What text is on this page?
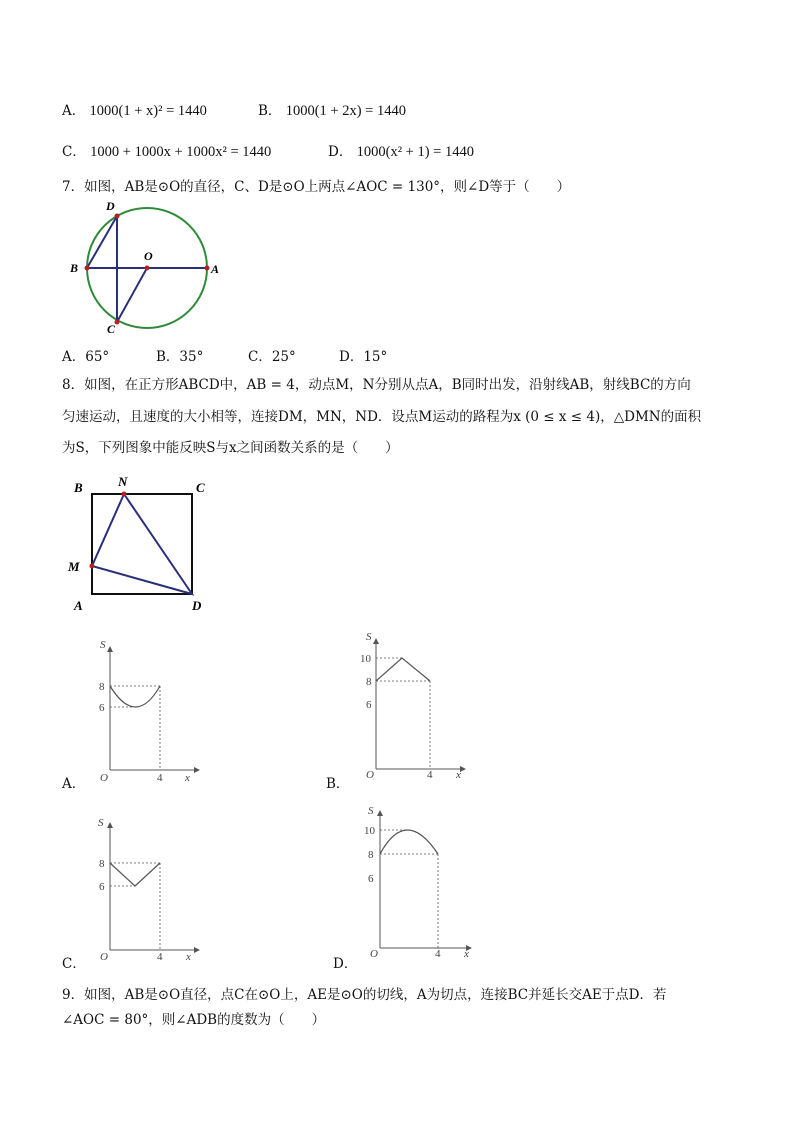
A． 1000(1 + x)² = 1440	B． 1000(1 + 2x) = 1440
C． 1000 + 1000x + 1000x² = 1440	D． 1000(x² + 1) = 1440
7．如图，AB是⊙O的直径，C、D是⊙O上两点∠AOC = 130°，则∠D等于（　　）
D
B
O
A
C
A．65°	B．35°	C．25°	D．15°
8．如图，在正方形ABCD中，AB = 4，动点M，N分别从点A，B同时出发，沿射线AB，射线BC的方向
匀速运动，且速度的大小相等，连接DM，MN，ND．设点M运动的路程为x (0 ≤ x ≤ 4)，△DMN的面积
为S，下列图象中能反映S与x之间函数关系的是（　　）
B	N	C
M
A	D
S
8
6
O	4 x
A．
S
10
8
6
O	4 x
B．
S
8
6
O	4 x
C．
S
10
8
6
O	4 x
D．
9．如图，AB是⊙O直径，点C在⊙O上，AE是⊙O的切线，A为切点，连接BC并延长交AE于点D．若
∠AOC = 80°，则∠ADB的度数为（　　）
